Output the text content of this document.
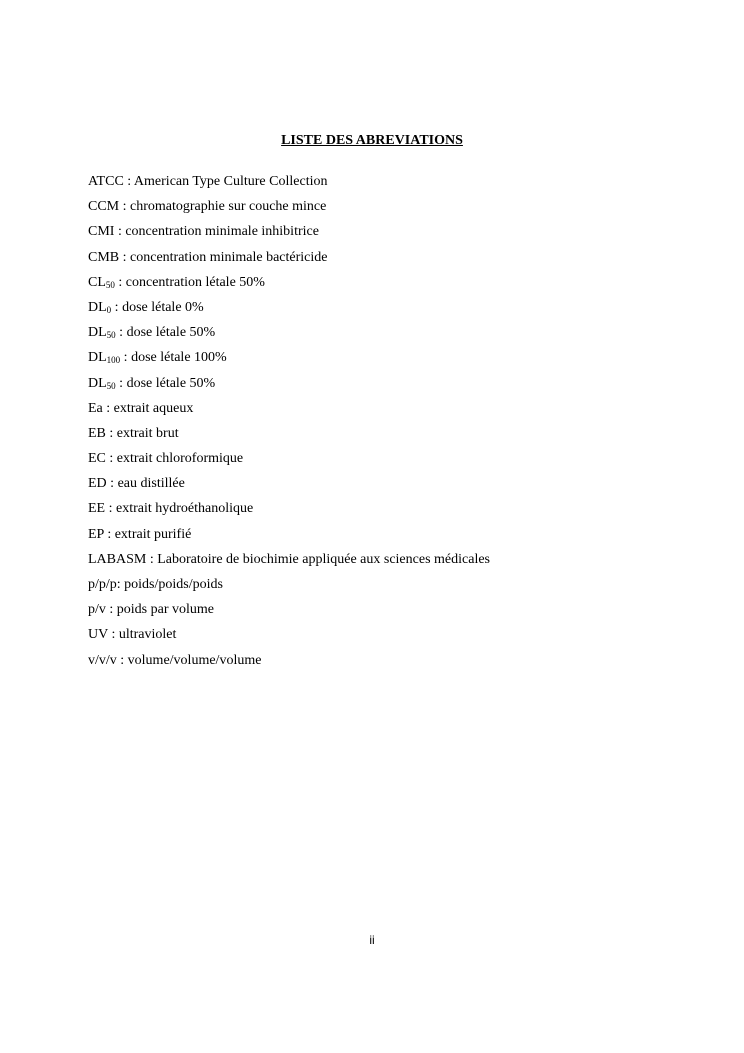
LISTE DES ABREVIATIONS
ATCC : American Type Culture Collection
CCM : chromatographie sur couche mince
CMI : concentration minimale inhibitrice
CMB : concentration minimale bactéricide
$CL_{50}$ : concentration létale 50%
$DL_0$ : dose létale 0%
$DL_{50}$ : dose létale 50%
$DL_{100}$ : dose létale 100%
$DL_{50}$ : dose létale 50%
Ea : extrait aqueux
EB : extrait brut
EC : extrait chloroformique
ED : eau distillée
EE : extrait hydroéthanolique
EP : extrait purifié
LABASM : Laboratoire de biochimie appliquée aux sciences médicales
p/p/p: poids/poids/poids
p/v : poids par volume
UV : ultraviolet
v/v/v : volume/volume/volume
ii
